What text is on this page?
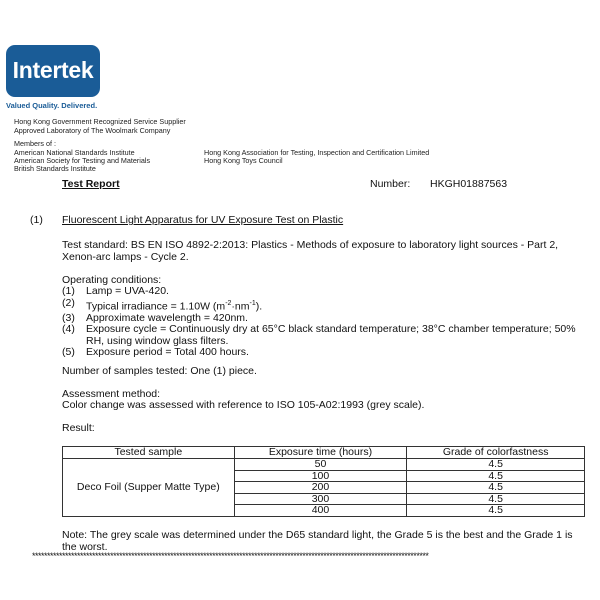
Intertek
Valued Quality. Delivered.
Hong Kong Government Recognized Service Supplier
Approved Laboratory of The Woolmark Company
Members of :
American National Standards Institute
American Society for Testing and Materials
British Standards Institute
Hong Kong Association for Testing, Inspection and Certification Limited
Hong Kong Toys Council
Test Report	Number: HKGH01887563
(1) Fluorescent Light Apparatus for UV Exposure Test on Plastic
Test standard: BS EN ISO 4892-2:2013: Plastics - Methods of exposure to laboratory light sources - Part 2, Xenon-arc lamps - Cycle 2.
Operating conditions:
(1)	Lamp = UVA-420.
(2)	Typical irradiance = 1.10W $(m^{-2}\cdot nm^{-1})$.
(3)	Approximate wavelength = 420nm.
(4)	Exposure cycle = Continuously dry at 65°C black standard temperature; 38°C chamber temperature; 50% RH, using window glass filters.
(5)	Exposure period = Total 400 hours.
Number of samples tested: One (1) piece.
Assessment method:
Color change was assessed with reference to ISO 105-A02:1993 (grey scale).
Result:
Tested sample	Exposure time (hours)	Grade of colorfastness
Deco Foil (Supper Matte Type)	50	4.5
	100	4.5
	200	4.5
	300	4.5
	400	4.5
Note: The grey scale was determined under the D65 standard light, the Grade 5 is the best and the Grade 1 is the worst.
************************************************************************************************************************************
